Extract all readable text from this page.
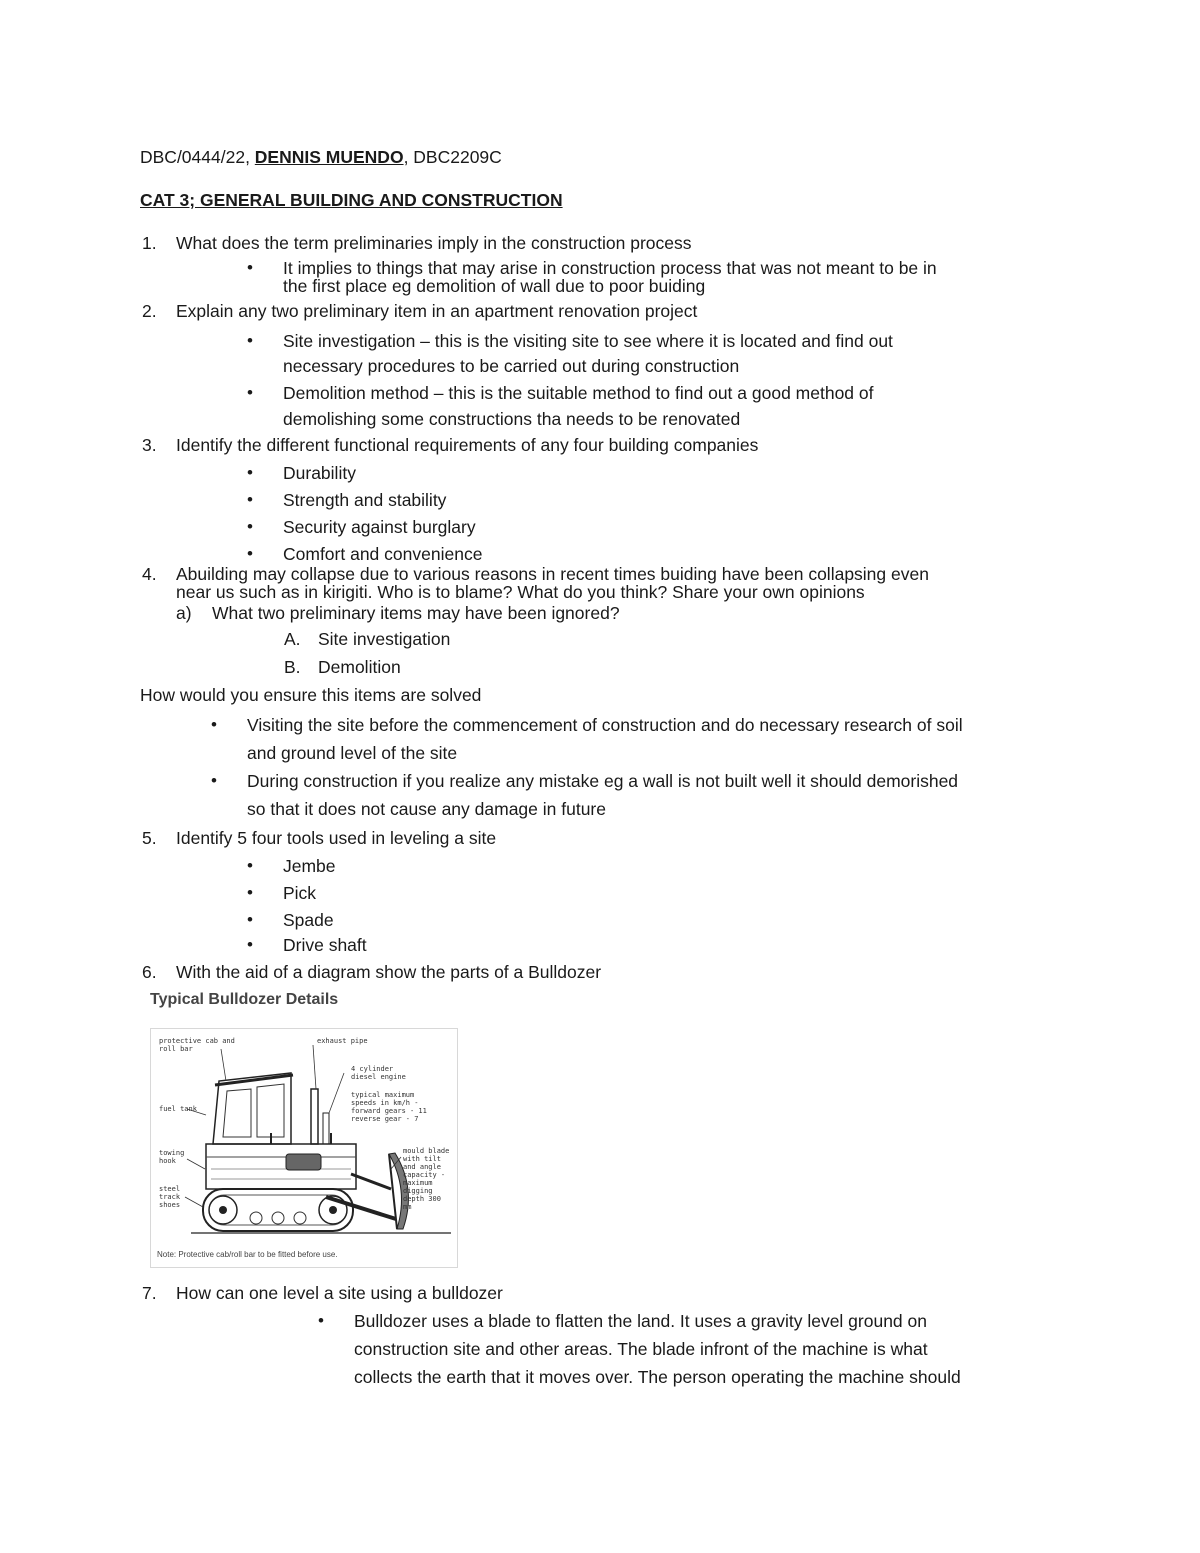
DBC/0444/22, DENNIS MUENDO, DBC2209C
CAT 3; GENERAL BUILDING AND CONSTRUCTION
1. What does the term preliminaries imply in the construction process
• It implies to things that may arise in construction process that was not meant to be in
the first place eg demolition of wall due to poor buiding
2. Explain any two preliminary item in an apartment renovation project
• Site investigation – this is the visiting site to see where it is located and find out
necessary procedures to be carried out during construction
• Demolition method – this is the suitable method to find out a good method of
demolishing some constructions tha needs to be renovated
3. Identify the different functional requirements of any four building companies
• Durability
• Strength and stability
• Security against burglary
• Comfort and convenience
4. Abuilding may collapse due to various reasons in recent times buiding have been collapsing even
near us such as in kirigiti. Who is to blame? What do you think? Share your own opinions
a) What two preliminary items may have been ignored?
A. Site investigation
B. Demolition
How would you ensure this items are solved
• Visiting the site before the commencement of construction and do necessary research of soil
and ground level of the site
• During construction if you realize any mistake eg a wall is not built well it should demorished
so that it does not cause any damage in future
5. Identify 5 four tools used in leveling a site
• Jembe
• Pick
• Spade
• Drive shaft
6. With the aid of a diagram show the parts of a Bulldozer
Typical Bulldozer Details
protective cab and
roll bar
exhaust pipe
4 cylinder
diesel engine
typical maximum
speeds in km/h -
forward gears - 11
reverse gear - 7
fuel tank
towing
hook
steel
track
shoes
mould blade
with tilt
and angle
capacity -
maximum
digging
depth 300
mm
Note: Protective cab/roll bar to be fitted before use.
7. How can one level a site using a bulldozer
• Bulldozer uses a blade to flatten the land. It uses a gravity level ground on
construction site and other areas. The blade infront of the machine is what
collects the earth that it moves over. The person operating the machine should
